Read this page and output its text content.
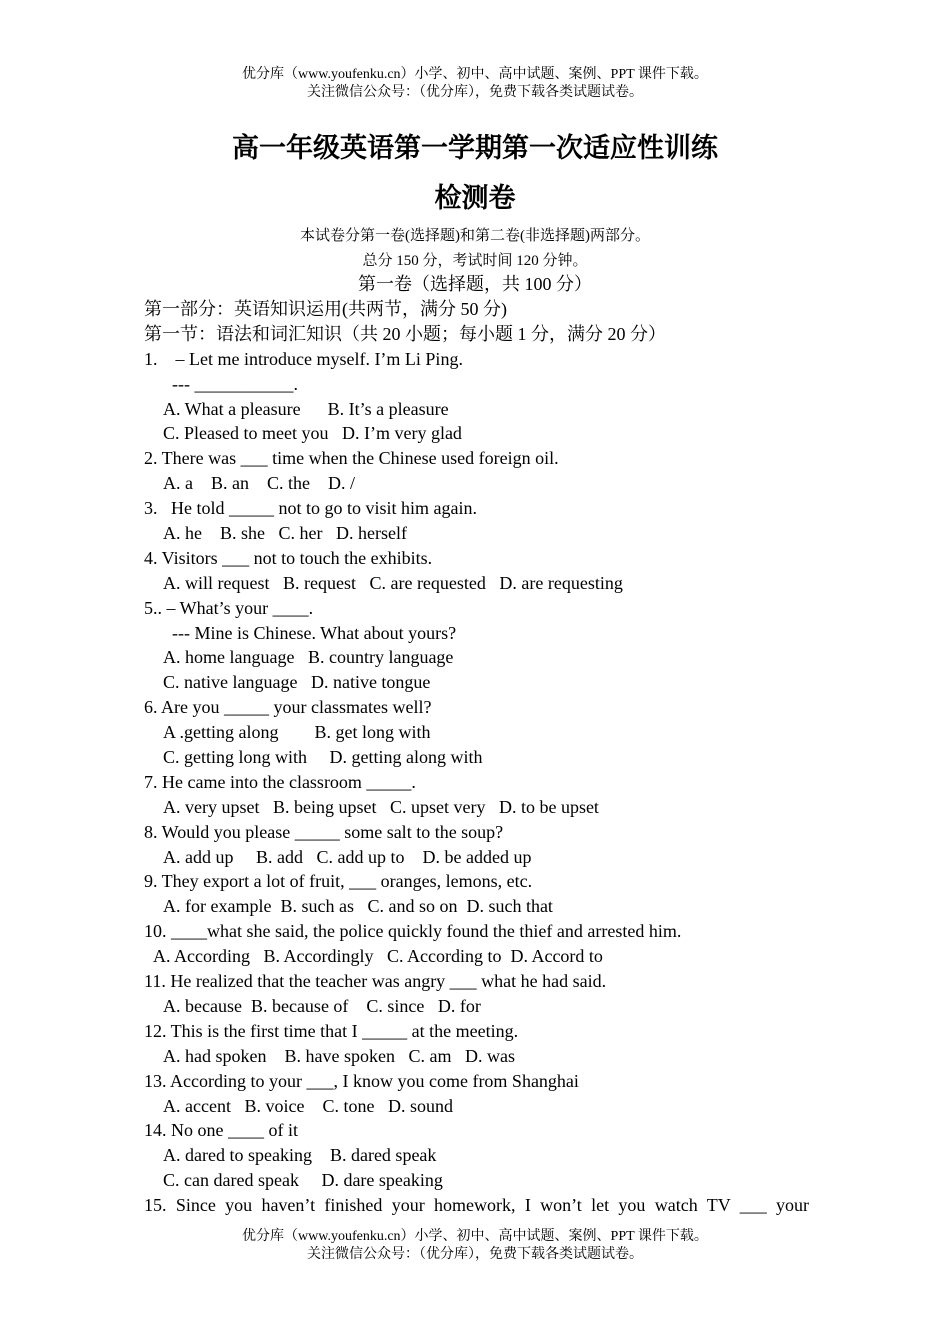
优分库（www.youfenku.cn）小学、初中、高中试题、案例、PPT 课件下载。
关注微信公众号：（优分库），免费下载各类试题试卷。
高一年级英语第一学期第一次适应性训练
检测卷
本试卷分第一卷(选择题)和第二卷(非选择题)两部分。
总分 150 分，考试时间 120 分钟。
第一卷（选择题，共 100 分）
第一部分：英语知识运用(共两节，满分 50 分)
第一节：语法和词汇知识（共 20 小题；每小题 1 分，满分 20 分）
1.    – Let me introduce myself. I’m Li Ping.
--- ___________.
A. What a pleasure      B. It’s a pleasure
C. Pleased to meet you   D. I’m very glad
2. There was ___ time when the Chinese used foreign oil.
A. a    B. an    C. the    D. /
3.   He told _____ not to go to visit him again.
A. he    B. she   C. her   D. herself
4. Visitors ___ not to touch the exhibits.
A. will request   B. request   C. are requested   D. are requesting
5.. – What’s your ____.
--- Mine is Chinese. What about yours?
A. home language   B. country language
C. native language   D. native tongue
6. Are you _____ your classmates well?
A .getting along        B. get long with
C. getting long with     D. getting along with
7. He came into the classroom _____.
A. very upset   B. being upset   C. upset very   D. to be upset
8. Would you please _____ some salt to the soup?
A. add up     B. add   C. add up to    D. be added up
9. They export a lot of fruit, ___ oranges, lemons, etc.
A. for example  B. such as   C. and so on  D. such that
10. ____what she said, the police quickly found the thief and arrested him.
A. According   B. Accordingly   C. According to  D. Accord to
11. He realized that the teacher was angry ___ what he had said.
A. because  B. because of    C. since   D. for
12. This is the first time that I _____ at the meeting.
A. had spoken    B. have spoken   C. am   D. was
13. According to your ___, I know you come from Shanghai
A. accent   B. voice    C. tone   D. sound
14. No one ____ of it
A. dared to speaking    B. dared speak
C. can dared speak     D. dare speaking
15. Since you haven’t finished your homework, I won’t let you watch TV ___ your
优分库（www.youfenku.cn）小学、初中、高中试题、案例、PPT 课件下载。
关注微信公众号：（优分库），免费下载各类试题试卷。
